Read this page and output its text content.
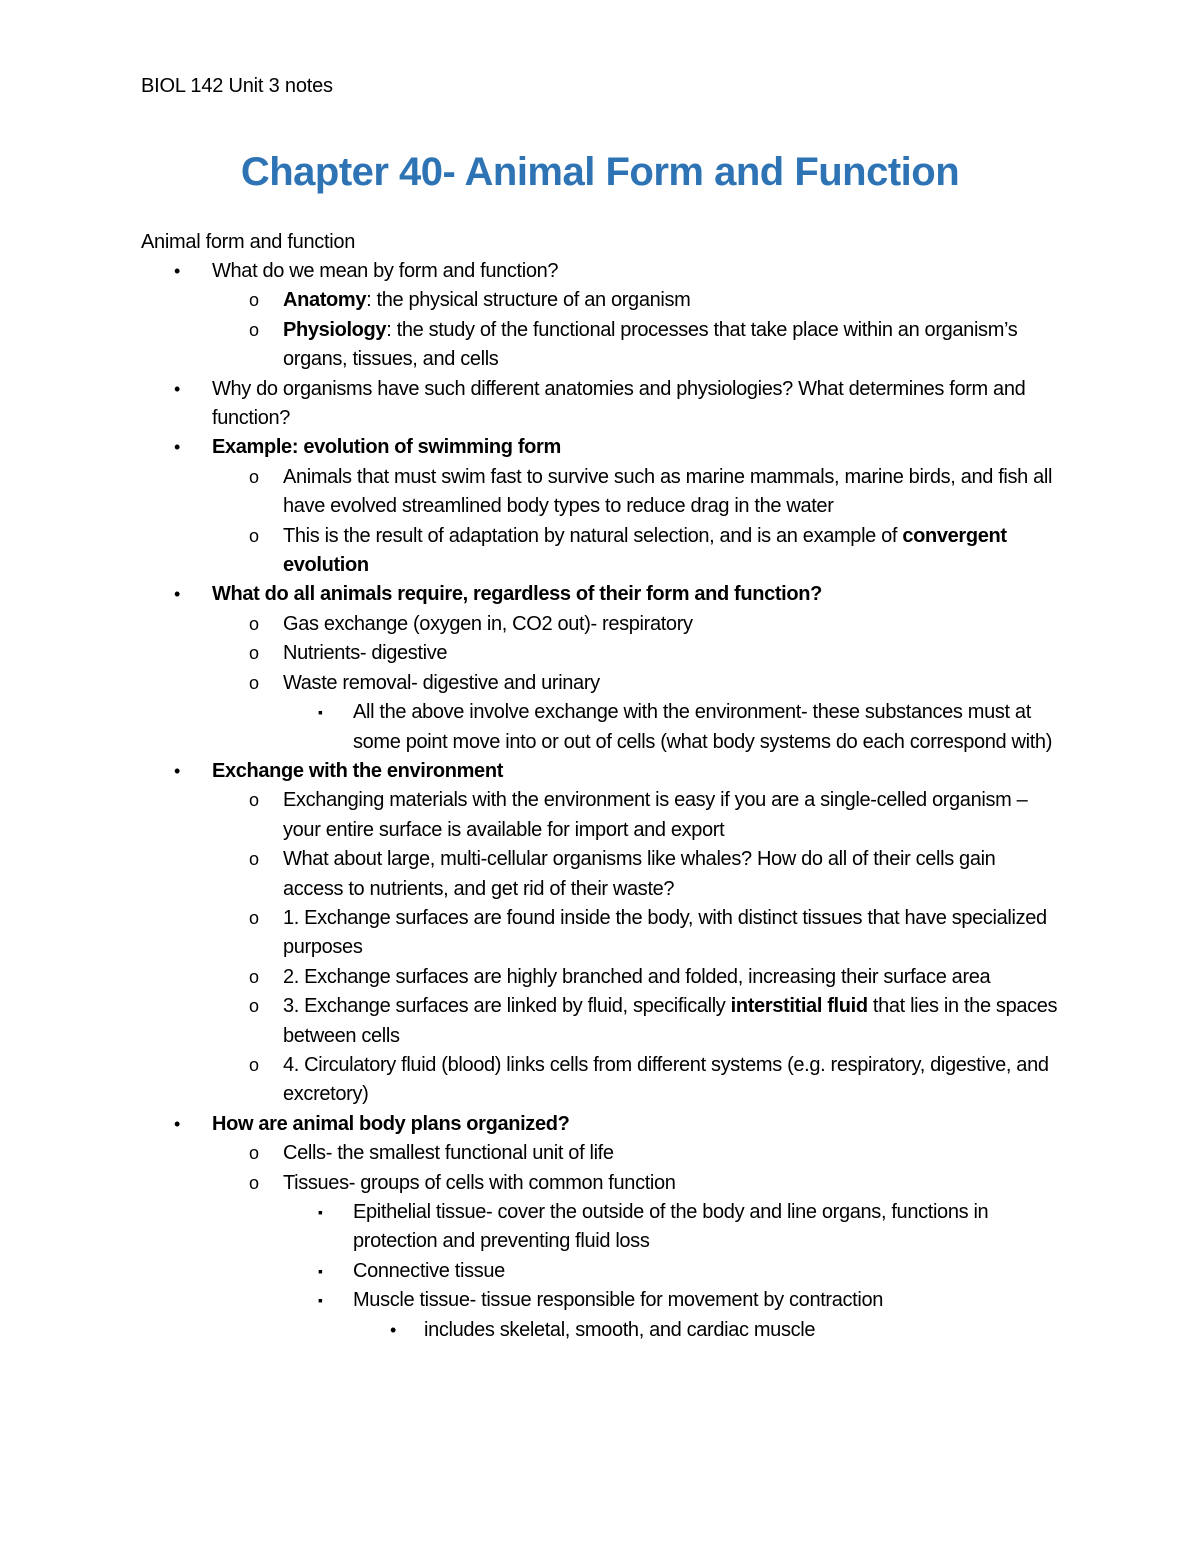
BIOL 142 Unit 3 notes
Chapter 40- Animal Form and Function
Animal form and function
• What do we mean by form and function?
o Anatomy: the physical structure of an organism
o Physiology: the study of the functional processes that take place within an organism’s organs, tissues, and cells
• Why do organisms have such different anatomies and physiologies? What determines form and function?
• Example: evolution of swimming form
o Animals that must swim fast to survive such as marine mammals, marine birds, and fish all have evolved streamlined body types to reduce drag in the water
o This is the result of adaptation by natural selection, and is an example of convergent evolution
• What do all animals require, regardless of their form and function?
o Gas exchange (oxygen in, CO2 out)- respiratory
o Nutrients- digestive
o Waste removal- digestive and urinary
▪ All the above involve exchange with the environment- these substances must at some point move into or out of cells (what body systems do each correspond with)
• Exchange with the environment
o Exchanging materials with the environment is easy if you are a single-celled organism – your entire surface is available for import and export
o What about large, multi-cellular organisms like whales? How do all of their cells gain access to nutrients, and get rid of their waste?
o 1. Exchange surfaces are found inside the body, with distinct tissues that have specialized purposes
o 2. Exchange surfaces are highly branched and folded, increasing their surface area
o 3. Exchange surfaces are linked by fluid, specifically interstitial fluid that lies in the spaces between cells
o 4. Circulatory fluid (blood) links cells from different systems (e.g. respiratory, digestive, and excretory)
• How are animal body plans organized?
o Cells- the smallest functional unit of life
o Tissues- groups of cells with common function
▪ Epithelial tissue- cover the outside of the body and line organs, functions in protection and preventing fluid loss
▪ Connective tissue
▪ Muscle tissue- tissue responsible for movement by contraction
• includes skeletal, smooth, and cardiac muscle
